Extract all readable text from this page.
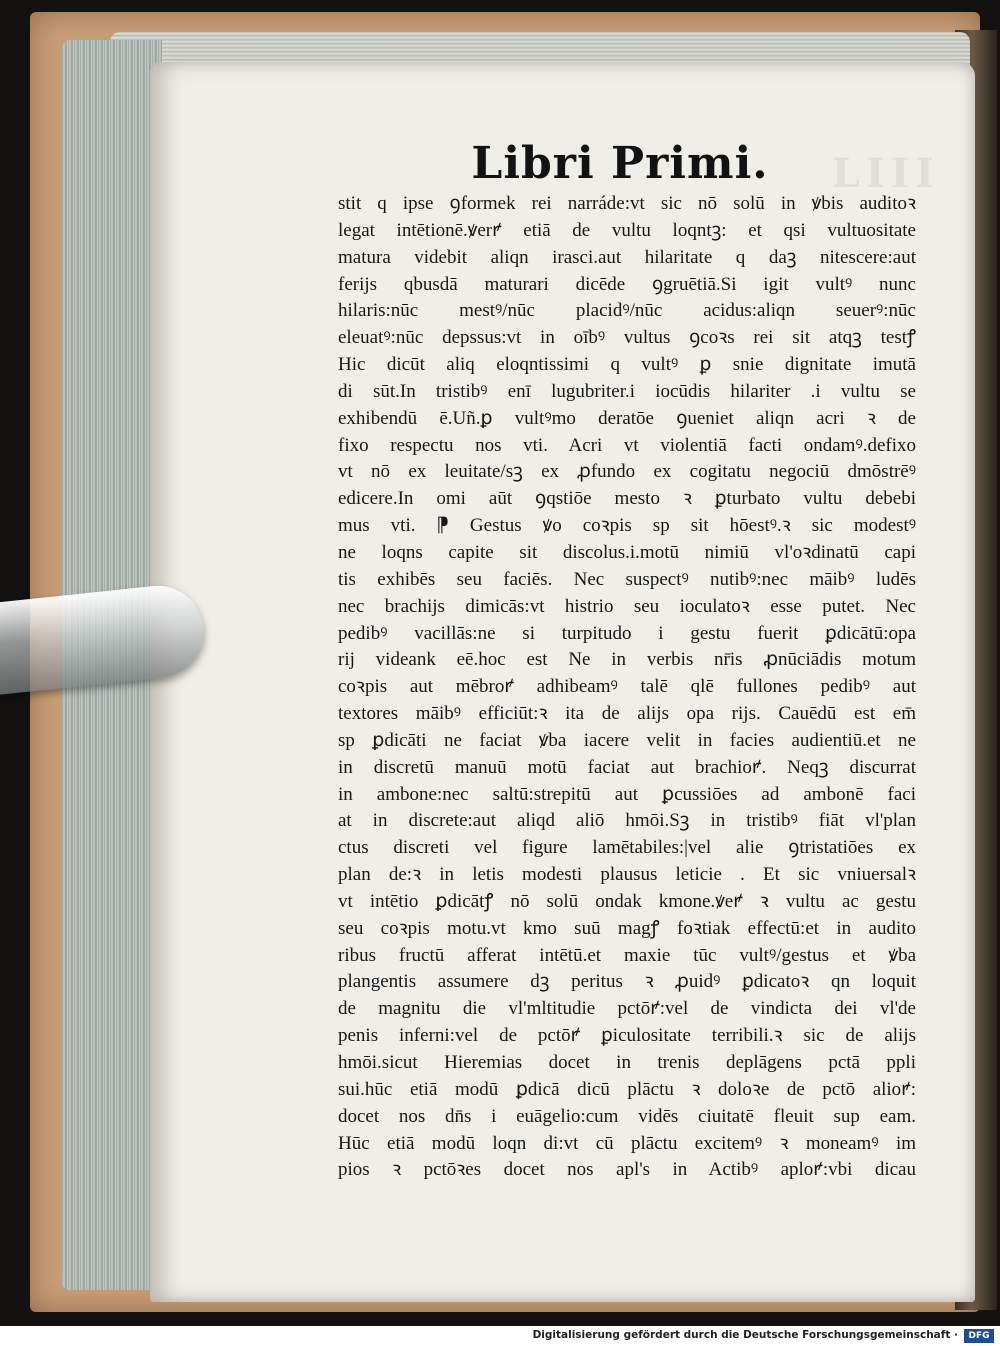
LIII
Libri Primi.
stit q ipse ꝯformek rei narráde:vt sic nō solū in ꝟbis auditoꝛ
legat intētionē.ꝟerꝵ etiā de vultu loqntꝫ: et qsi vultuositate
matura videbit aliqn irasci.aut hilaritate q daꝫ nitescere:aut
ferijs qbusdā maturari dicēde ꝯgruētiā.Si igit vultꝰ nunc
hilaris:nūc mestꝰ/nūc placidꝰ/nūc acidus:aliqn seuerꝰ:nūc
eleuatꝰ:nūc depssus:vt in oībꝰ vultus ꝯcoꝛs rei sit atqꝫ testꝭ
Hic dicūt aliq eloqntissimi q vultꝰ ꝑ snie dignitate imutā
di sūt.In tristibꝰ enī lugubriter.i iocūdis hilariter .i vultu se
exhibendū ē.Uñ.ꝑ vultꝰmo deratōe ꝯueniet aliqn acri ꝛ de
fixo respectu nos vti. Acri vt violentiā facti ondamꝰ.defixo
vt nō ex leuitate/sꝫ ex ꝓfundo ex cogitatu negociū dmōstrēꝰ
edicere.In omi aūt ꝯqstiōe mesto ꝛ ꝑturbato vultu debebi
mus vti. ⁋ Gestus ꝟo coꝛpis sp sit hōestꝰ.ꝛ sic modestꝰ
ne loqns capite sit discolus.i.motū nimiū vl'oꝛdinatū capi
tis exhibēs seu faciēs. Nec suspectꝰ nutibꝰ:nec māibꝰ ludēs
nec brachijs dimicās:vt histrio seu ioculatoꝛ esse putet. Nec
pedibꝰ vacillās:ne si turpitudo i gestu fuerit ꝑdicātū:opa
rij videank eē.hoc est Ne in verbis nr̄is ꝓnūciādis motum
coꝛpis aut mēbroꝵ adhibeamꝰ talē qlē fullones pedibꝰ aut
textores māibꝰ efficiūt:ꝛ ita de alijs opa rijs. Cauēdū est em̄
sp ꝑdicāti ne faciat ꝟba iacere velit in facies audientiū.et ne
in discretū manuū motū faciat aut brachioꝵ. Neqꝫ discurrat
in ambone:nec saltū:strepitū aut ꝑcussiōes ad ambonē faci
at in discrete:aut aliqd aliō hmōi.Sꝫ in tristibꝰ fiāt vl'plan
ctus discreti vel figure lamētabiles:|vel alie ꝯtristatiōes ex
plan de:ꝛ in letis modesti plausus leticie . Et sic vniuersalꝛ
vt intētio ꝑdicātꝭ nō solū ondak kmone.ꝟeꝵ ꝛ vultu ac gestu
seu coꝛpis motu.vt kmo suū magꝭ foꝛtiak effectū:et in audito
ribus fructū afferat intētū.et maxie tūc vultꝰ/gestus et ꝟba
plangentis assumere dꝫ peritus ꝛ ꝓuidꝰ ꝑdicatoꝛ qn loquit
de magnitu die vl'mltitudie pctōꝵ:vel de vindicta dei vl'de
penis inferni:vel de pctōꝵ ꝑiculositate terribili.ꝛ sic de alijs
hmōi.sicut Hieremias docet in trenis deplāgens pctā ppli
sui.hūc etiā modū ꝑdicā dicū plāctu ꝛ doloꝛe de pctō alioꝵ:
docet nos dn̄s i euāgelio:cum vidēs ciuitatē fleuit sup eam.
Hūc etiā modū loqn di:vt cū plāctu excitemꝰ ꝛ moneamꝰ im
pios ꝛ pctōꝛes docet nos apl's in Actibꝰ aploꝵ:vbi dicau
Digitalisierung gefördert durch die Deutsche Forschungsgemeinschaft ·	DFG
